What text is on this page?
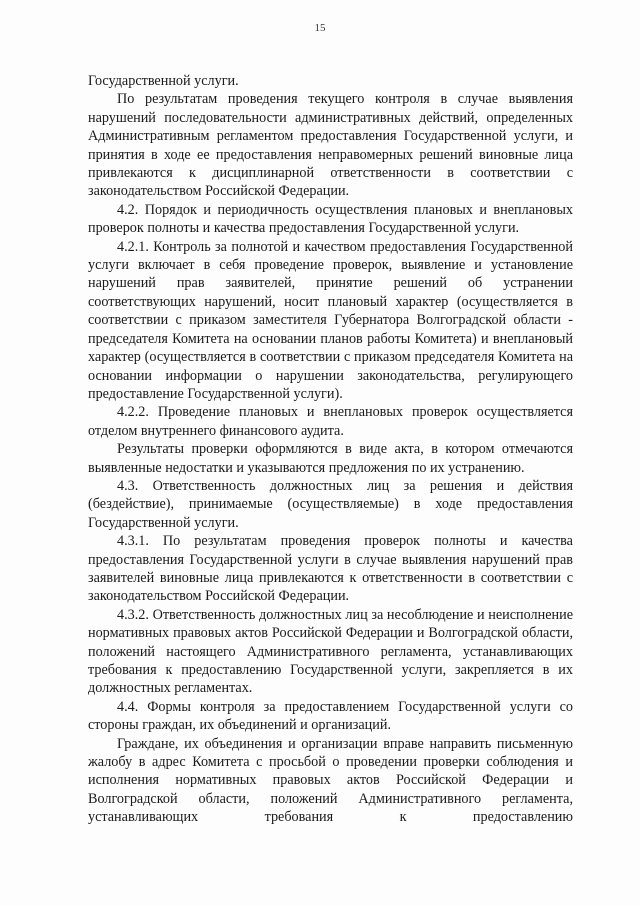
15

Государственной услуги.

По результатам проведения текущего контроля в случае выявления нарушений последовательности административных действий, определенных Административным регламентом предоставления Государственной услуги, и принятия в ходе ее предоставления неправомерных решений виновные лица привлекаются к дисциплинарной ответственности в соответствии с законодательством Российской Федерации.

4.2. Порядок и периодичность осуществления плановых и внеплановых проверок полноты и качества предоставления Государственной услуги.

4.2.1. Контроль за полнотой и качеством предоставления Государственной услуги включает в себя проведение проверок, выявление и установление нарушений прав заявителей, принятие решений об устранении соответствующих нарушений, носит плановый характер (осуществляется в соответствии с приказом заместителя Губернатора Волгоградской области - председателя Комитета на основании планов работы Комитета) и внеплановый характер (осуществляется в соответствии с приказом председателя Комитета на основании информации о нарушении законодательства, регулирующего предоставление Государственной услуги).

4.2.2. Проведение плановых и внеплановых проверок осуществляется отделом внутреннего финансового аудита.

Результаты проверки оформляются в виде акта, в котором отмечаются выявленные недостатки и указываются предложения по их устранению.

4.3. Ответственность должностных лиц за решения и действия (бездействие), принимаемые (осуществляемые) в ходе предоставления Государственной услуги.

4.3.1. По результатам проведения проверок полноты и качества предоставления Государственной услуги в случае выявления нарушений прав заявителей виновные лица привлекаются к ответственности в соответствии с законодательством Российской Федерации.

4.3.2. Ответственность должностных лиц за несоблюдение и неисполнение нормативных правовых актов Российской Федерации и Волгоградской области, положений настоящего Административного регламента, устанавливающих требования к предоставлению Государственной услуги, закрепляется в их должностных регламентах.

4.4. Формы контроля за предоставлением Государственной услуги со стороны граждан, их объединений и организаций.

Граждане, их объединения и организации вправе направить письменную жалобу в адрес Комитета с просьбой о проведении проверки соблюдения и исполнения нормативных правовых актов Российской Федерации и Волгоградской области, положений Административного регламента, устанавливающих требования к предоставлению
